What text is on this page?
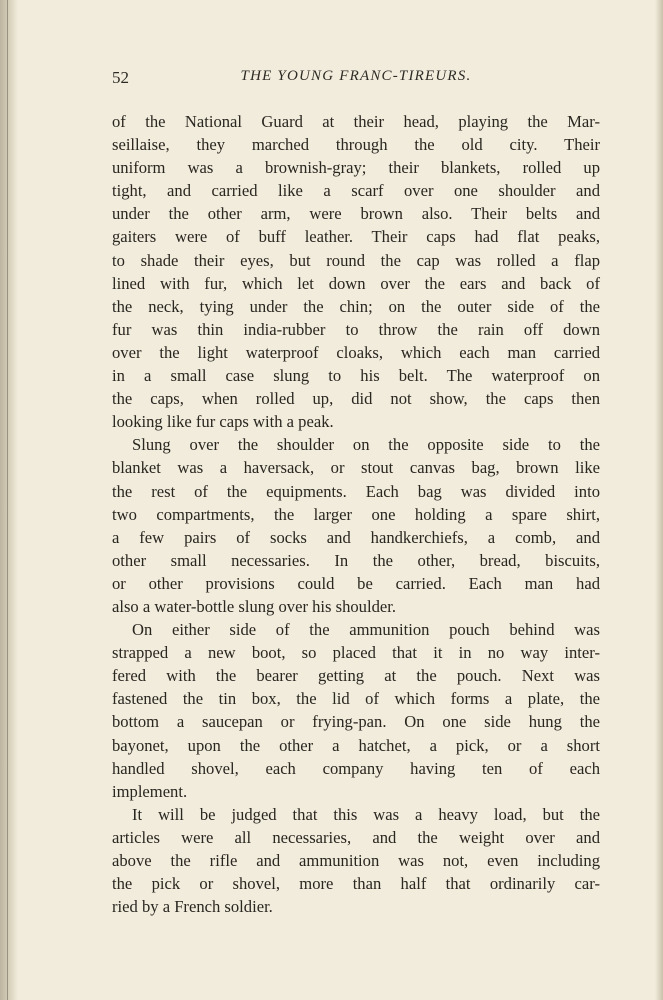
52	THE YOUNG FRANC-TIREURS.

of the National Guard at their head, playing the Mar-
seillaise, they marched through the old city. Their
uniform was a brownish-gray; their blankets, rolled up
tight, and carried like a scarf over one shoulder and
under the other arm, were brown also. Their belts and
gaiters were of buff leather. Their caps had flat peaks,
to shade their eyes, but round the cap was rolled a flap
lined with fur, which let down over the ears and back of
the neck, tying under the chin; on the outer side of the
fur was thin india-rubber to throw the rain off down
over the light waterproof cloaks, which each man carried
in a small case slung to his belt. The waterproof on
the caps, when rolled up, did not show, the caps then
looking like fur caps with a peak.

Slung over the shoulder on the opposite side to the
blanket was a haversack, or stout canvas bag, brown like
the rest of the equipments. Each bag was divided into
two compartments, the larger one holding a spare shirt,
a few pairs of socks and handkerchiefs, a comb, and
other small necessaries. In the other, bread, biscuits,
or other provisions could be carried. Each man had
also a water-bottle slung over his shoulder.

On either side of the ammunition pouch behind was
strapped a new boot, so placed that it in no way inter-
fered with the bearer getting at the pouch. Next was
fastened the tin box, the lid of which forms a plate, the
bottom a saucepan or frying-pan. On one side hung the
bayonet, upon the other a hatchet, a pick, or a short
handled shovel, each company having ten of each
implement.

It will be judged that this was a heavy load, but the
articles were all necessaries, and the weight over and
above the rifle and ammunition was not, even including
the pick or shovel, more than half that ordinarily car-
ried by a French soldier.
